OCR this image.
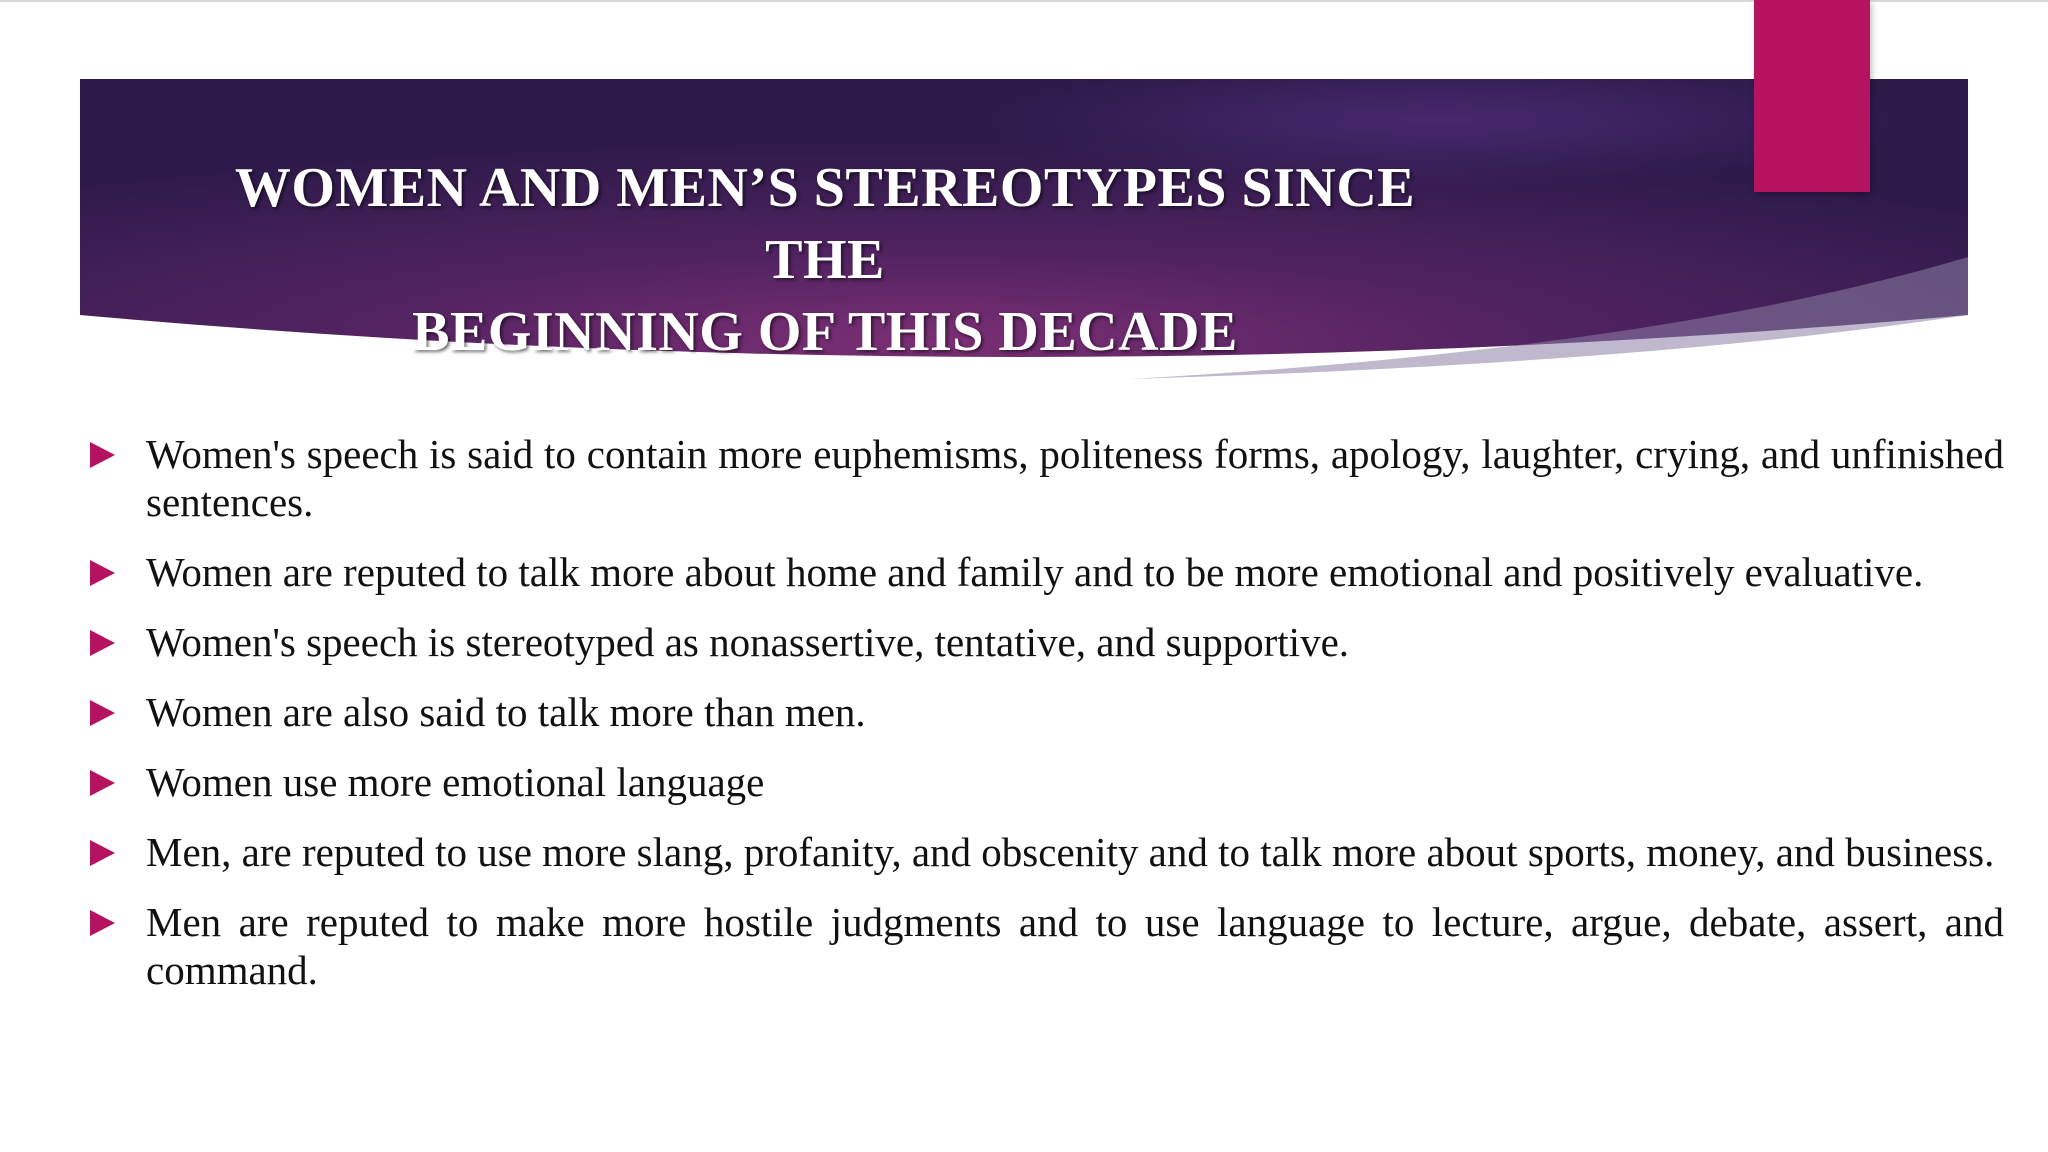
WOMEN AND MEN’S STEREOTYPES SINCE THE
BEGINNING OF THIS DECADE
Women's speech is said to contain more euphemisms, politeness forms, apology, laughter, crying, and unfinished sentences.
Women are reputed to talk more about home and family and to be more emotional and positively evaluative.
Women's speech is stereotyped as nonassertive, tentative, and supportive.
Women are also said to talk more than men.
Women use more emotional language
Men, are reputed to use more slang, profanity, and obscenity and to talk more about sports, money, and business.
Men are reputed to make more hostile judgments and to use language to lecture, argue, debate, assert, and command.
